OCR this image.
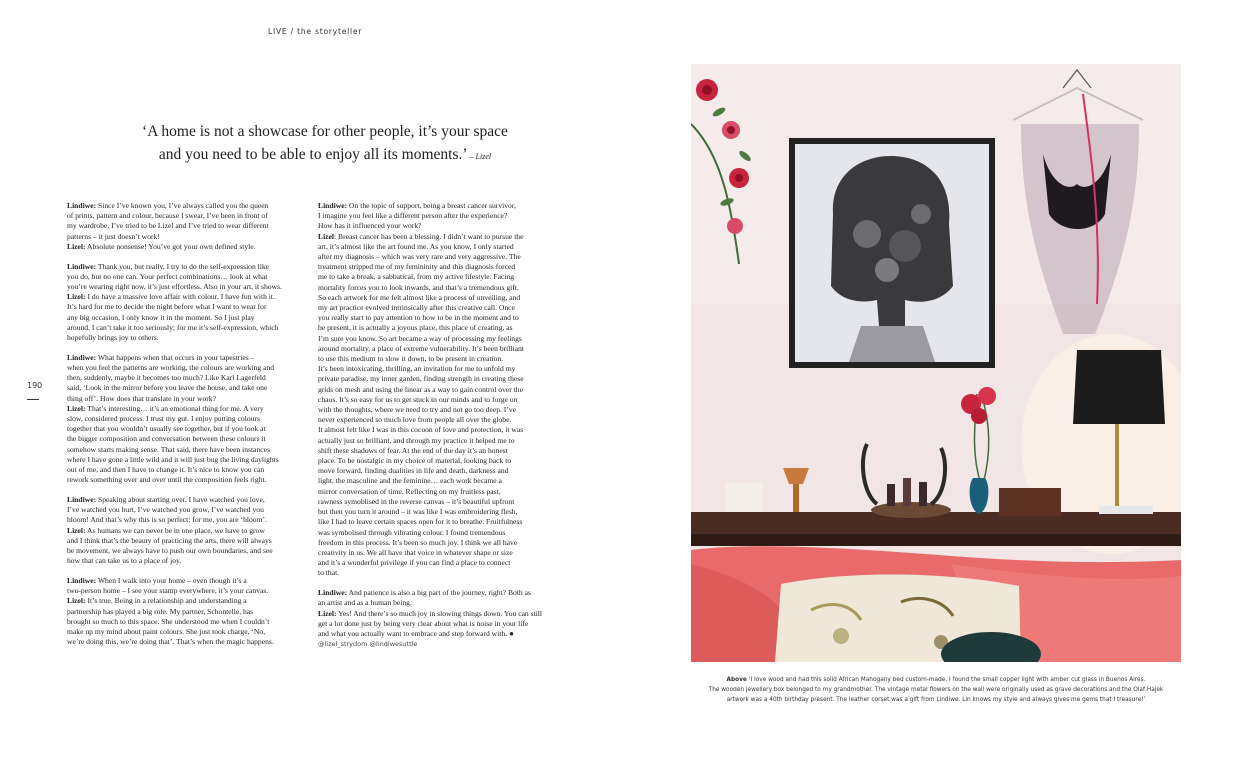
LIVE / the storyteller
‘A home is not a showcase for other people, it’s your space
and you need to be able to enjoy all its moments.’ – Lizel
190

Lindiwe: Since I’ve known you, I’ve always called you the queen
of prints, pattern and colour, because I swear, I’ve been in front of
my wardrobe, I’ve tried to be Lizel and I’ve tried to wear different
patterns – it just doesn’t work!
Lizel: Absolute nonsense! You’ve got your own defined style.

Lindiwe: Thank you, but really, I try to do the self-expression like
you do, but no one can. Your perfect combinations… look at what
you’re wearing right now, it’s just effortless. Also in your art, it shows.
Lizel: I do have a massive love affair with colour, I have fun with it.
It’s hard for me to decide the night before what I want to wear for
any big occasion, I only know it in the moment. So I just play
around. I can’t take it too seriously; for me it’s self-expression, which
hopefully brings joy to others.

Lindiwe: What happens when that occurs in your tapestries –
when you feel the patterns are working, the colours are working and
then, suddenly, maybe it becomes too much? Like Karl Lagerfeld
said, ‘Look in the mirror before you leave the house, and take one
thing off’. How does that translate in your work?
Lizel: That’s interesting… it’s an emotional thing for me. A very
slow, considered process. I trust my gut. I enjoy putting colours
together that you wouldn’t usually see together, but if you look at
the bigger composition and conversation between these colours it
somehow starts making sense. That said, there have been instances
where I have gone a little wild and it will just bug the living daylights
out of me, and then I have to change it. It’s nice to know you can
rework something over and over until the composition feels right.

Lindiwe: Speaking about starting over, I have watched you love,
I’ve watched you hurt, I’ve watched you grow, I’ve watched you
bloom! And that’s why this is so perfect; for me, you are ‘bloom’.
Lizel: As humans we can never be in one place, we have to grow
and I think that’s the beauty of practicing the arts, there will always
be movement, we always have to push our own boundaries, and see
how that can take us to a place of joy.

Lindiwe: When I walk into your home – even though it’s a
two-person home – I see your stamp everywhere, it’s your canvas.
Lizel: It’s true. Being in a relationship and understanding a
partnership has played a big role. My partner, Schontelle, has
brought so much to this space. She understood me when I couldn’t
make up my mind about paint colours. She just took charge, ‘No,
we’re doing this, we’re doing that’. That’s when the magic happens.

Lindiwe: On the topic of support, being a breast cancer survivor,
I imagine you feel like a different person after the experience?
How has it influenced your work?
Lizel: Breast cancer has been a blessing. I didn’t want to pursue the
art, it’s almost like the art found me. As you know, I only started
after my diagnosis – which was very rare and very aggressive. The
treatment stripped me of my femininity and this diagnosis forced
me to take a break, a sabbatical, from my active lifestyle. Facing
mortality forces you to look inwards, and that’s a tremendous gift.
So each artwork for me felt almost like a process of unveiling, and
my art practice evolved intrinsically after this creative call. Once
you really start to pay attention to how to be in the moment and to
be present, it is actually a joyous place, this place of creating, as
I’m sure you know. So art became a way of processing my feelings
around mortality, a place of extreme vulnerability. It’s been brilliant
to use this medium to slow it down, to be present in creation.
It’s been intoxicating, thrilling, an invitation for me to unfold my
private paradise, my inner garden, finding strength in creating these
grids on mesh and using the linear as a way to gain control over the
chaos. It’s so easy for us to get stuck in our minds and to forge on
with the thoughts, where we need to try and not go too deep. I’ve
never experienced so much love from people all over the globe.
It almost felt like I was in this cocoon of love and protection, it was
actually just so brilliant, and through my practice it helped me to
shift these shadows of fear. At the end of the day it’s an honest
place. To be nostalgic in my choice of material, looking back to
move forward, finding dualities in life and death, darkness and
light, the masculine and the feminine… each work became a
mirror conversation of time. Reflecting on my fruitless past,
rawness symoblised in the reverse canvas – it’s beautiful upfront
but then you turn it around – it was like I was embroidering flesh,
like I had to leave certain spaces open for it to breathe. Fruitfulness
was symbolised through vibrating colour. I found tremendous
freedom in this process. It’s been so much joy. I think we all have
creativity in us. We all have that voice in whatever shape or size
and it’s a wonderful privilege if you can find a place to connect
to that.

Lindiwe: And patience is also a big part of the journey, right? Both as
an artist and as a human being.
Lizel: Yes! And there’s so much joy in slowing things down. You can still
get a lot done just by being very clear about what is noise in your life
and what you actually want to embrace and step forward with. ●
@lizel_strydom @lindiwesuttle

Above ‘I love wood and had this solid African Mahogany bed custom-made. I found the small copper light with amber cut glass in Buenos Aires.
The wooden jewellery box belonged to my grandmother. The vintage metal flowers on the wall were originally used as grave decorations and the Olaf Hajek
artwork was a 40th birthday present. The leather corset was a gift from Lindiwe. Lin knows my style and always gives me gems that I treasure!’
